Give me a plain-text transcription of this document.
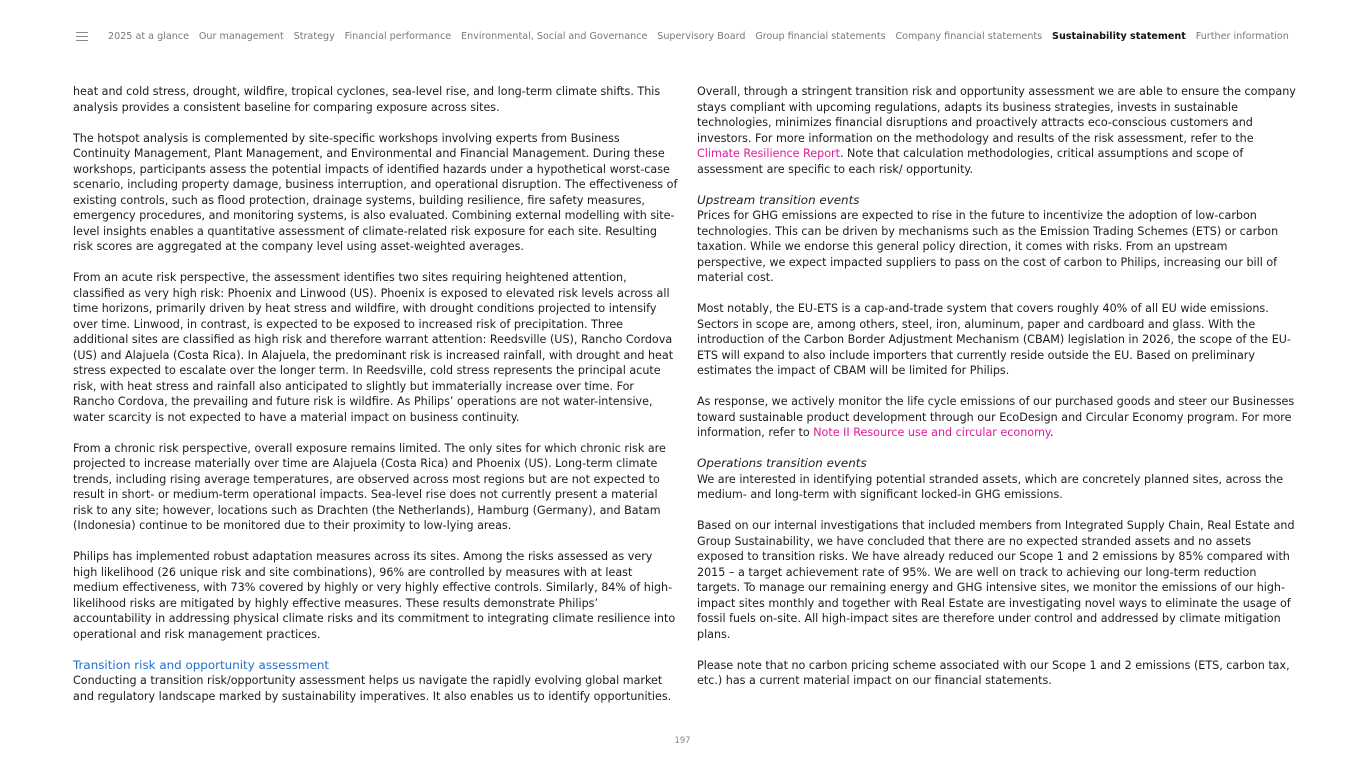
2025 at a glance Our management Strategy Financial performance Environmental, Social and Governance Supervisory Board Group financial statements Company financial statements Sustainability statement Further information

heat and cold stress, drought, wildfire, tropical cyclones, sea-level rise, and long-term climate shifts. This analysis provides a consistent baseline for comparing exposure across sites.

The hotspot analysis is complemented by site-specific workshops involving experts from Business Continuity Management, Plant Management, and Environmental and Financial Management. During these workshops, participants assess the potential impacts of identified hazards under a hypothetical worst-case scenario, including property damage, business interruption, and operational disruption. The effectiveness of existing controls, such as flood protection, drainage systems, building resilience, fire safety measures, emergency procedures, and monitoring systems, is also evaluated. Combining external modelling with site-level insights enables a quantitative assessment of climate-related risk exposure for each site. Resulting risk scores are aggregated at the company level using asset-weighted averages.

From an acute risk perspective, the assessment identifies two sites requiring heightened attention, classified as very high risk: Phoenix and Linwood (US). Phoenix is exposed to elevated risk levels across all time horizons, primarily driven by heat stress and wildfire, with drought conditions projected to intensify over time. Linwood, in contrast, is expected to be exposed to increased risk of precipitation. Three additional sites are classified as high risk and therefore warrant attention: Reedsville (US), Rancho Cordova (US) and Alajuela (Costa Rica). In Alajuela, the predominant risk is increased rainfall, with drought and heat stress expected to escalate over the longer term. In Reedsville, cold stress represents the principal acute risk, with heat stress and rainfall also anticipated to slightly but immaterially increase over time. For Rancho Cordova, the prevailing and future risk is wildfire. As Philips’ operations are not water-intensive, water scarcity is not expected to have a material impact on business continuity.

From a chronic risk perspective, overall exposure remains limited. The only sites for which chronic risk are projected to increase materially over time are Alajuela (Costa Rica) and Phoenix (US). Long-term climate trends, including rising average temperatures, are observed across most regions but are not expected to result in short- or medium-term operational impacts. Sea-level rise does not currently present a material risk to any site; however, locations such as Drachten (the Netherlands), Hamburg (Germany), and Batam (Indonesia) continue to be monitored due to their proximity to low-lying areas.

Philips has implemented robust adaptation measures across its sites. Among the risks assessed as very high likelihood (26 unique risk and site combinations), 96% are controlled by measures with at least medium effectiveness, with 73% covered by highly or very highly effective controls. Similarly, 84% of high-likelihood risks are mitigated by highly effective measures. These results demonstrate Philips’ accountability in addressing physical climate risks and its commitment to integrating climate resilience into operational and risk management practices.

Transition risk and opportunity assessment

Conducting a transition risk/opportunity assessment helps us navigate the rapidly evolving global market and regulatory landscape marked by sustainability imperatives. It also enables us to identify opportunities.

Overall, through a stringent transition risk and opportunity assessment we are able to ensure the company stays compliant with upcoming regulations, adapts its business strategies, invests in sustainable technologies, minimizes financial disruptions and proactively attracts eco-conscious customers and investors. For more information on the methodology and results of the risk assessment, refer to the Climate Resilience Report. Note that calculation methodologies, critical assumptions and scope of assessment are specific to each risk/ opportunity.

Upstream transition events

Prices for GHG emissions are expected to rise in the future to incentivize the adoption of low-carbon technologies. This can be driven by mechanisms such as the Emission Trading Schemes (ETS) or carbon taxation. While we endorse this general policy direction, it comes with risks. From an upstream perspective, we expect impacted suppliers to pass on the cost of carbon to Philips, increasing our bill of material cost.

Most notably, the EU-ETS is a cap-and-trade system that covers roughly 40% of all EU wide emissions. Sectors in scope are, among others, steel, iron, aluminum, paper and cardboard and glass. With the introduction of the Carbon Border Adjustment Mechanism (CBAM) legislation in 2026, the scope of the EU-ETS will expand to also include importers that currently reside outside the EU. Based on preliminary estimates the impact of CBAM will be limited for Philips.

As response, we actively monitor the life cycle emissions of our purchased goods and steer our Businesses toward sustainable product development through our EcoDesign and Circular Economy program. For more information, refer to Note II Resource use and circular economy.

Operations transition events

We are interested in identifying potential stranded assets, which are concretely planned sites, across the medium- and long-term with significant locked-in GHG emissions.

Based on our internal investigations that included members from Integrated Supply Chain, Real Estate and Group Sustainability, we have concluded that there are no expected stranded assets and no assets exposed to transition risks. We have already reduced our Scope 1 and 2 emissions by 85% compared with 2015 – a target achievement rate of 95%. We are well on track to achieving our long-term reduction targets. To manage our remaining energy and GHG intensive sites, we monitor the emissions of our high-impact sites monthly and together with Real Estate are investigating novel ways to eliminate the usage of fossil fuels on-site. All high-impact sites are therefore under control and addressed by climate mitigation plans.

Please note that no carbon pricing scheme associated with our Scope 1 and 2 emissions (ETS, carbon tax, etc.) has a current material impact on our financial statements.

197
